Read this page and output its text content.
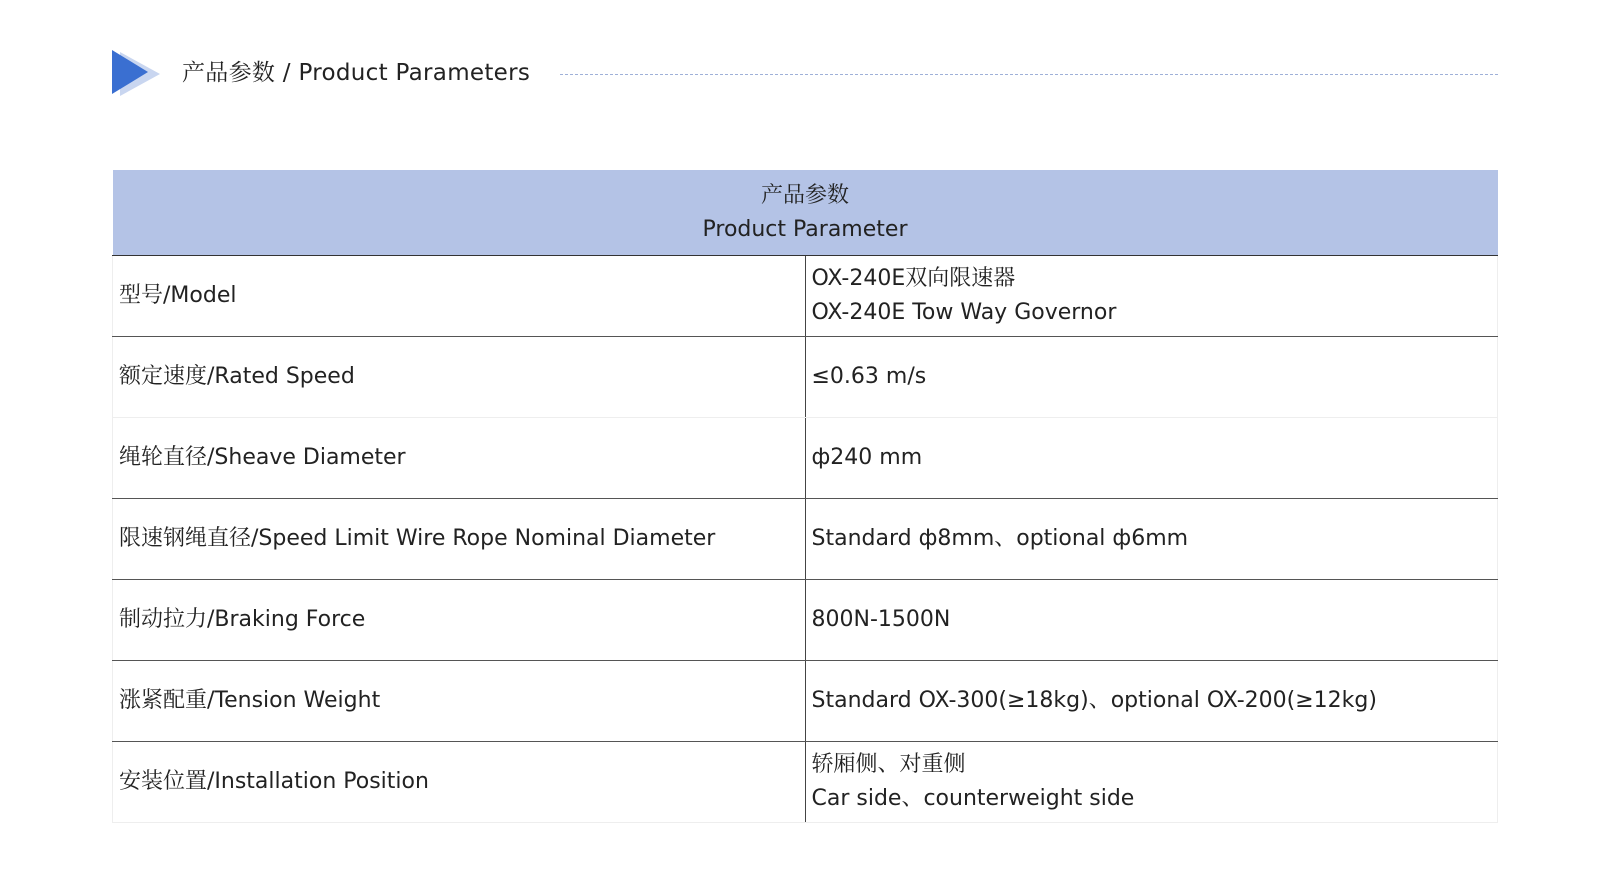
产品参数 / Product Parameters
产品参数
Product Parameter	

型号/Model	OX-240E双向限速器
OX-240E Tow Way Governor

额定速度/Rated Speed	≤0.63 m/s

绳轮直径/Sheave Diameter	ф240 mm

限速钢绳直径/Speed Limit Wire Rope Nominal Diameter	Standard ф8mm、optional ф6mm

制动拉力/Braking Force	800N-1500N

涨紧配重/Tension Weight	Standard OX-300(≥18kg)、optional OX-200(≥12kg)

安装位置/Installation Position	轿厢侧、对重侧
Car side、counterweight side
